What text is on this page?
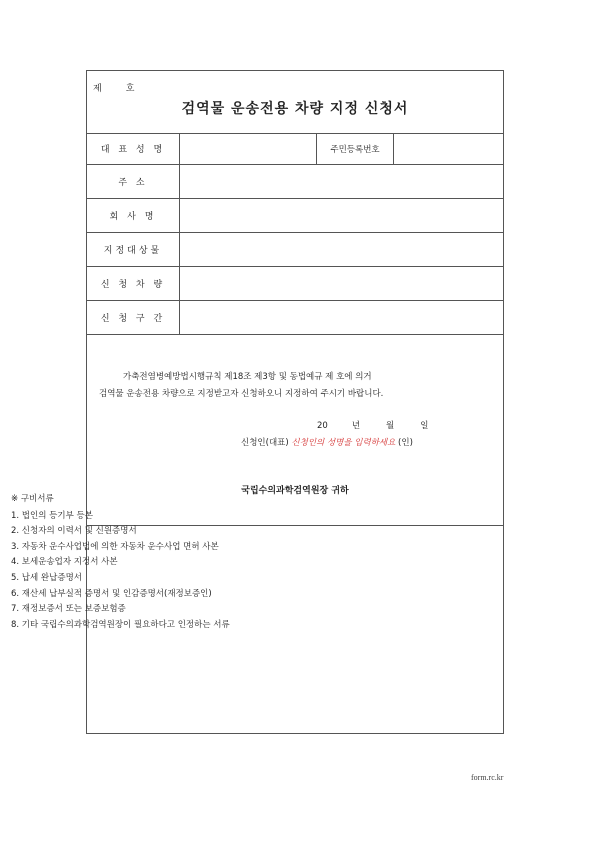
제	호
검역물 운송전용 차량 지정 신청서
대 표 성 명	주민등록번호
주 소
회 사 명
지정대상물
신 청 차 량
신 청 구 간
가축전염병예방법시행규칙 제18조 제3항 및 동법예규 제 호에 의거
검역물 운송전용 차량으로 지정받고자 신청하오니 지정하여 주시기 바랍니다.
20	년	월	일
신청인(대표) 신청인의 성명을 입력하세요 (인)
국립수의과학검역원장 귀하
※ 구비서류
1. 법인의 등기부 등본
2. 신청자의 이력서 및 신원증명서
3. 자동차 운수사업법에 의한 자동차 운수사업 면허 사본
4. 보세운송업자 지정서 사본
5. 납세 완납증명서
6. 재산세 납부실적 증명서 및 인감증명서(재정보증인)
7. 재정보증서 또는 보증보험증
8. 기타 국립수의과학검역원장이 필요하다고 인정하는 서류
form.rc.kr
